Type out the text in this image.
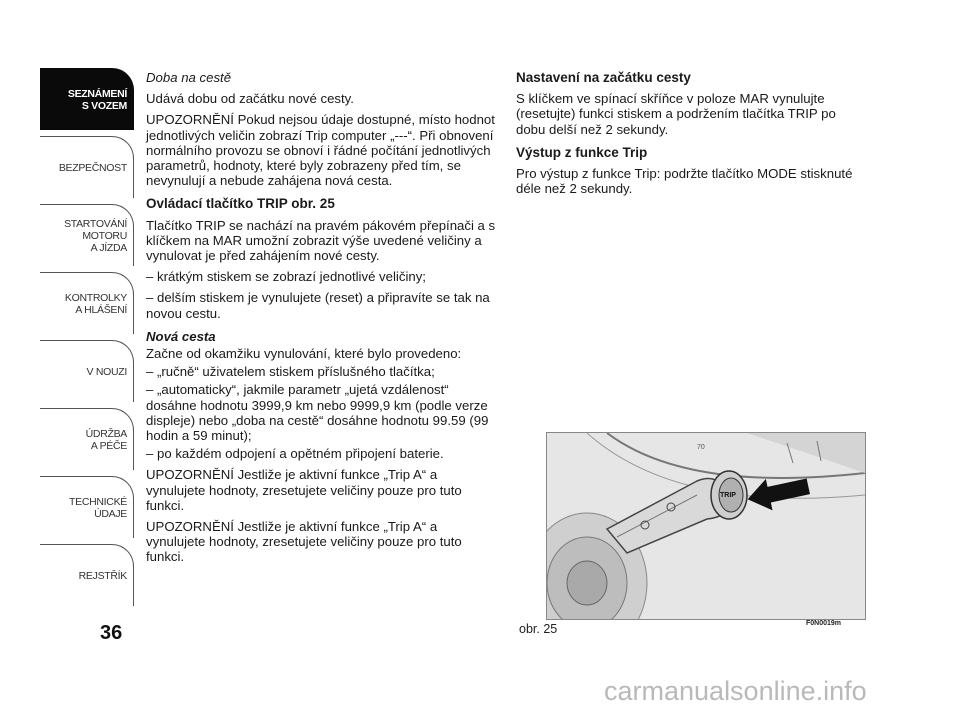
SEZNÁMENÍ
S VOZEM
BEZPEČNOST
STARTOVÁNÍ
MOTORU
A JÍZDA
KONTROLKY
A HLÁŠENÍ
V NOUZI
ÚDRŽBA
A PÉČE
TECHNICKÉ
ÚDAJE
REJSTŘÍK
36

Doba na cestě

Udává dobu od začátku nové cesty.

UPOZORNĚNÍ Pokud nejsou údaje dostupné, místo hodnot jednotlivých veličin zobrazí Trip computer „---“. Při obnovení normálního provozu se obnoví i řádné počítání jednotlivých parametrů, hodnoty, které byly zobrazeny před tím, se nevynulují a nebude zahájena nová cesta.

Ovládací tlačítko TRIP obr. 25

Tlačítko TRIP se nachází na pravém pákovém přepínači a s klíčkem na MAR umožní zobrazit výše uvedené veličiny a vynulovat je před zahájením nové cesty.

– krátkým stiskem se zobrazí jednotlivé veličiny;

– delším stiskem je vynulujete (reset) a připravíte se tak na novou cestu.

Nová cesta

Začne od okamžiku vynulování, které bylo provedeno:

– „ručně“ uživatelem stiskem příslušného tlačítka;

– „automaticky“, jakmile parametr „ujetá vzdálenost“ dosáhne hodnotu 3999,9 km nebo 9999,9 km (podle verze displeje) nebo „doba na cestě“ dosáhne hodnotu 99.59 (99 hodin a 59 minut);

– po každém odpojení a opětném připojení baterie.

UPOZORNĚNÍ Jestliže je aktivní funkce „Trip A“ a vynulujete hodnoty, zresetujete veličiny pouze pro tuto funkci.

UPOZORNĚNÍ Jestliže je aktivní funkce „Trip A“ a vynulujete hodnoty, zresetujete veličiny pouze pro tuto funkci.

Nastavení na začátku cesty

S klíčkem ve spínací skříňce v poloze MAR vynulujte (resetujte) funkci stiskem a podržením tlačítka TRIP po dobu delší než 2 sekundy.

Výstup z funkce Trip

Pro výstup z funkce Trip: podržte tlačítko MODE stisknuté déle než 2 sekundy.

TRIP
70
F0N0019m
obr. 25
carmanualsonline.info
